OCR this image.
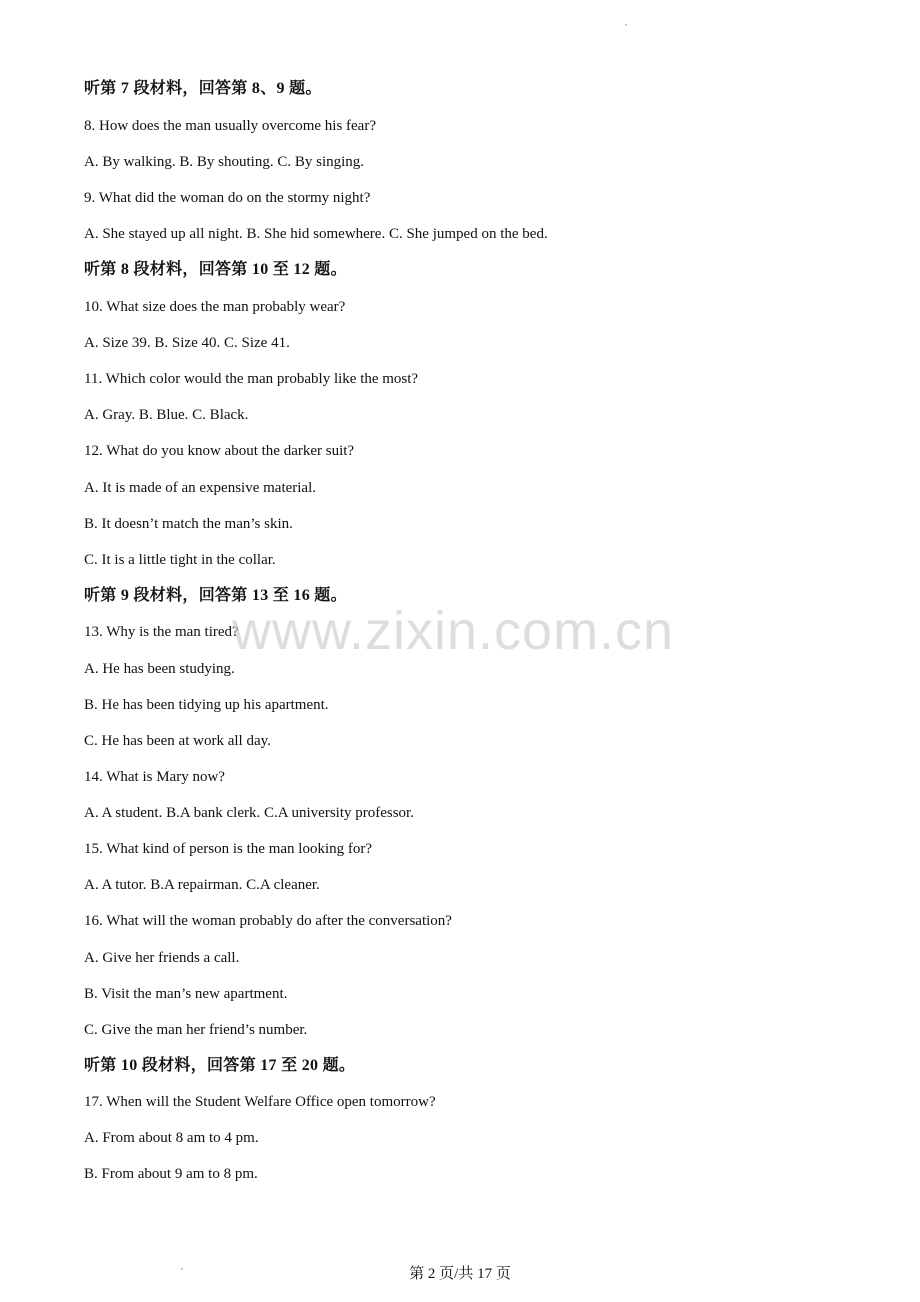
听第 7 段材料，回答第 8、9 题。
8. How does the man usually overcome his fear?
A. By walking. B. By shouting. C. By singing.
9. What did the woman do on the stormy night?
A. She stayed up all night. B. She hid somewhere. C. She jumped on the bed.
听第 8 段材料，回答第 10 至 12 题。
10. What size does the man probably wear?
A. Size 39. B. Size 40. C. Size 41.
11. Which color would the man probably like the most?
A. Gray. B. Blue. C. Black.
12. What do you know about the darker suit?
A. It is made of an expensive material.
B. It doesn’t match the man’s skin.
C. It is a little tight in the collar.
听第 9 段材料，回答第 13 至 16 题。
13. Why is the man tired?
A. He has been studying.
B. He has been tidying up his apartment.
C. He has been at work all day.
14. What is Mary now?
A. A student. B.A bank clerk. C.A university professor.
15. What kind of person is the man looking for?
A. A tutor. B.A repairman. C.A cleaner.
16. What will the woman probably do after the conversation?
A. Give her friends a call.
B. Visit the man’s new apartment.
C. Give the man her friend’s number.
听第 10 段材料，回答第 17 至 20 题。
17. When will the Student Welfare Office open tomorrow?
A. From about 8 am to 4 pm.
B. From about 9 am to 8 pm.
www.zixin.com.cn
第 2 页/共 17 页
